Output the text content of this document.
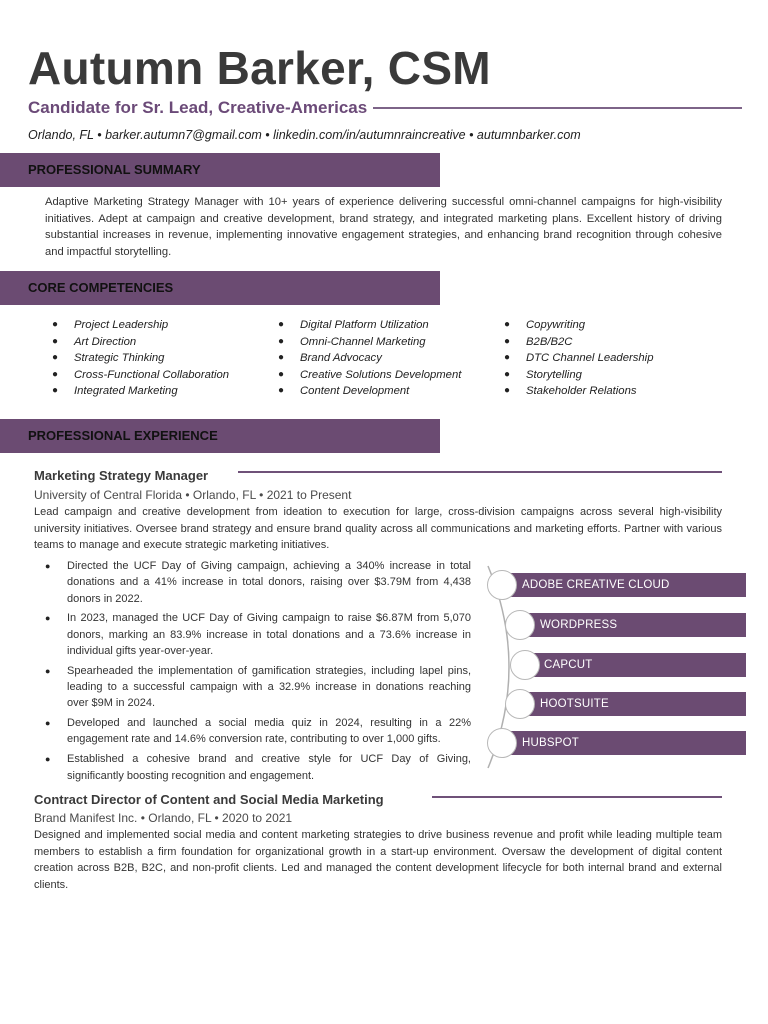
Autumn Barker, CSM
Candidate for Sr. Lead, Creative-Americas
Orlando, FL • barker.autumn7@gmail.com • linkedin.com/in/autumnraincreative • autumnbarker.com
PROFESSIONAL SUMMARY
Adaptive Marketing Strategy Manager with 10+ years of experience delivering successful omni-channel campaigns for high-visibility initiatives. Adept at campaign and creative development, brand strategy, and integrated marketing plans. Excellent history of driving substantial increases in revenue, implementing innovative engagement strategies, and enhancing brand recognition through cohesive and impactful storytelling.
CORE COMPETENCIES
● Project Leadership
● Art Direction
● Strategic Thinking
● Cross-Functional Collaboration
● Integrated Marketing
● Digital Platform Utilization
● Omni-Channel Marketing
● Brand Advocacy
● Creative Solutions Development
● Content Development
● Copywriting
● B2B/B2C
● DTC Channel Leadership
● Storytelling
● Stakeholder Relations
PROFESSIONAL EXPERIENCE
Marketing Strategy Manager
University of Central Florida • Orlando, FL • 2021 to Present
Lead campaign and creative development from ideation to execution for large, cross-division campaigns across several high-visibility university initiatives. Oversee brand strategy and ensure brand quality across all communications and marketing efforts. Partner with various teams to manage and execute strategic marketing initiatives.
● Directed the UCF Day of Giving campaign, achieving a 340% increase in total donations and a 41% increase in total donors, raising over $3.79M from 4,438 donors in 2022.
● In 2023, managed the UCF Day of Giving campaign to raise $6.87M from 5,070 donors, marking an 83.9% increase in total donations and a 73.6% increase in individual gifts year-over-year.
● Spearheaded the implementation of gamification strategies, including lapel pins, leading to a successful campaign with a 32.9% increase in donations reaching over $9M in 2024.
● Developed and launched a social media quiz in 2024, resulting in a 22% engagement rate and 14.6% conversion rate, contributing to over 1,000 gifts.
● Established a cohesive brand and creative style for UCF Day of Giving, significantly boosting recognition and engagement.
ADOBE CREATIVE CLOUD
WORDPRESS
CAPCUT
HOOTSUITE
HUBSPOT
Contract Director of Content and Social Media Marketing
Brand Manifest Inc. • Orlando, FL • 2020 to 2021
Designed and implemented social media and content marketing strategies to drive business revenue and profit while leading multiple team members to establish a firm foundation for organizational growth in a start-up environment. Oversaw the development of digital content creation across B2B, B2C, and non-profit clients. Led and managed the content development lifecycle for both internal brand and external clients.
